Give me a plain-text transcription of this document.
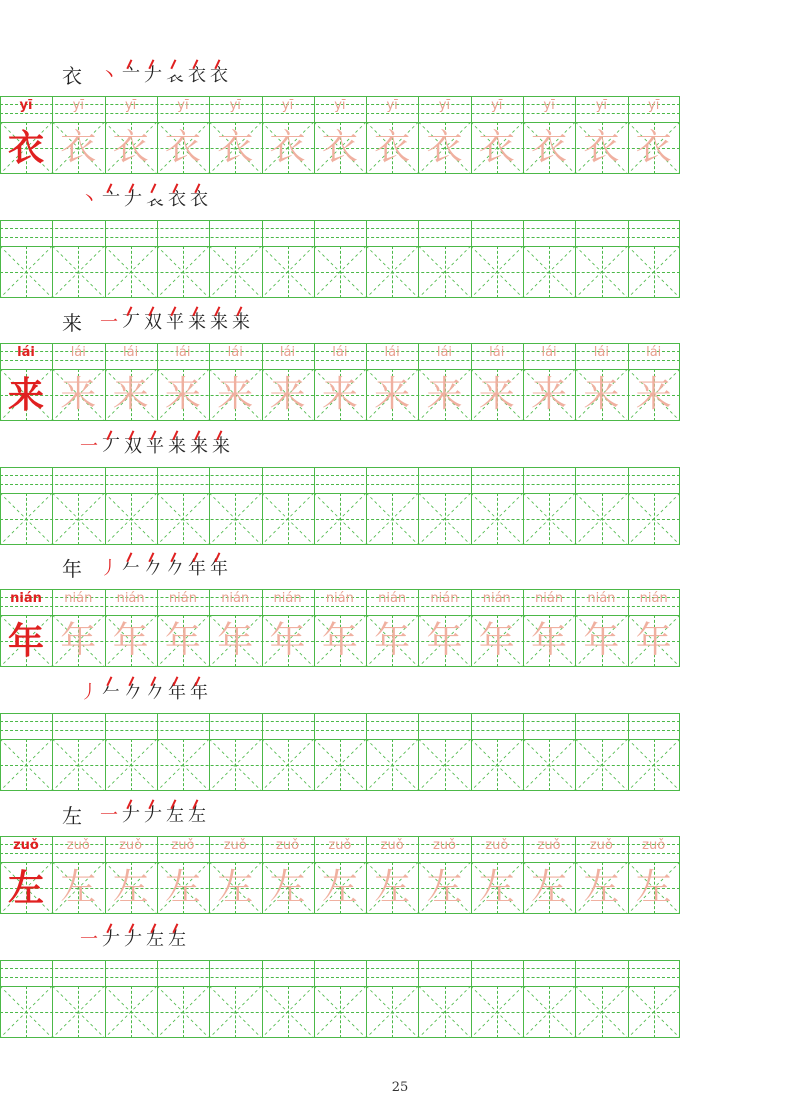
衣 丶亠𠂇𧘇衣衣
yī
衣
yī
衣
yī
衣
yī
衣
yī
衣
yī
衣
yī
衣
yī
衣
yī
衣
yī
衣
yī
衣
yī
衣
yī
衣
丶亠𠂇𧘇衣衣
来 一丆双平来来来
lái
来
lái
来
lái
来
lái
来
lái
来
lái
来
lái
来
lái
来
lái
来
lái
来
lái
来
lái
来
lái
来
一丆双平来来来
年 丿𠂉𠂊𠂊年年
nián
年
nián
年
nián
年
nián
年
nián
年
nián
年
nián
年
nián
年
nián
年
nián
年
nián
年
nián
年
nián
年
丿𠂉𠂊𠂊年年
左 一𠂇𠂇左左
zuǒ
左
zuǒ
左
zuǒ
左
zuǒ
左
zuǒ
左
zuǒ
左
zuǒ
左
zuǒ
左
zuǒ
左
zuǒ
左
zuǒ
左
zuǒ
左
zuǒ
左
一𠂇𠂇左左
25
